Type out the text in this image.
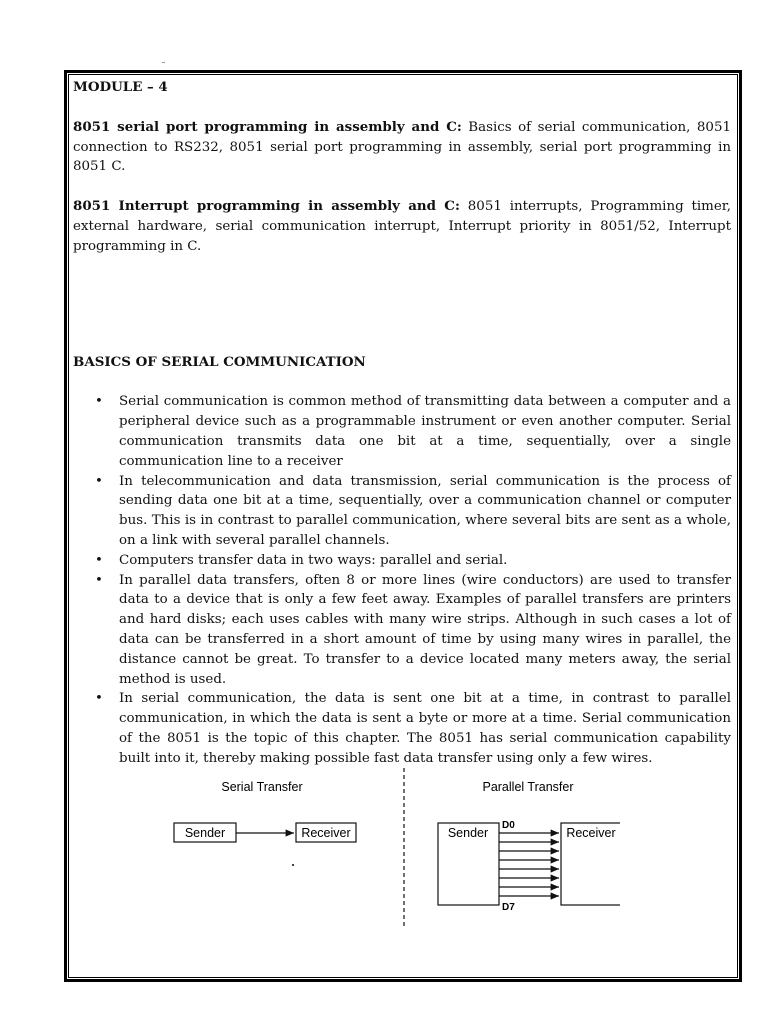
MODULE – 4

8051 serial port programming in assembly and C: Basics of serial communication, 8051 connection to RS232, 8051 serial port programming in assembly, serial port programming in 8051 C.

8051 Interrupt programming in assembly and C: 8051 interrupts, Programming timer, external hardware, serial communication interrupt, Interrupt priority in 8051/52, Interrupt programming in C.

BASICS OF SERIAL COMMUNICATION

• Serial communication is common method of transmitting data between a computer and a peripheral device such as a programmable instrument or even another computer. Serial communication transmits data one bit at a time, sequentially, over a single communication line to a receiver
• In telecommunication and data transmission, serial communication is the process of sending data one bit at a time, sequentially, over a communication channel or computer bus. This is in contrast to parallel communication, where several bits are sent as a whole, on a link with several parallel channels.
• Computers transfer data in two ways: parallel and serial.
• In parallel data transfers, often 8 or more lines (wire conductors) are used to transfer data to a device that is only a few feet away. Examples of parallel transfers are printers and hard disks; each uses cables with many wire strips. Although in such cases a lot of data can be transferred in a short amount of time by using many wires in parallel, the distance cannot be great. To transfer to a device located many meters away, the serial method is used.
• In serial communication, the data is sent one bit at a time, in contrast to parallel communication, in which the data is sent a byte or more at a time. Serial communication of the 8051 is the topic of this chapter. The 8051 has serial communication capability built into it, thereby making possible fast data transfer using only a few wires.
Serial Transfer
Sender	Receiver
Parallel Transfer
Sender	Receiver
D0
D7
